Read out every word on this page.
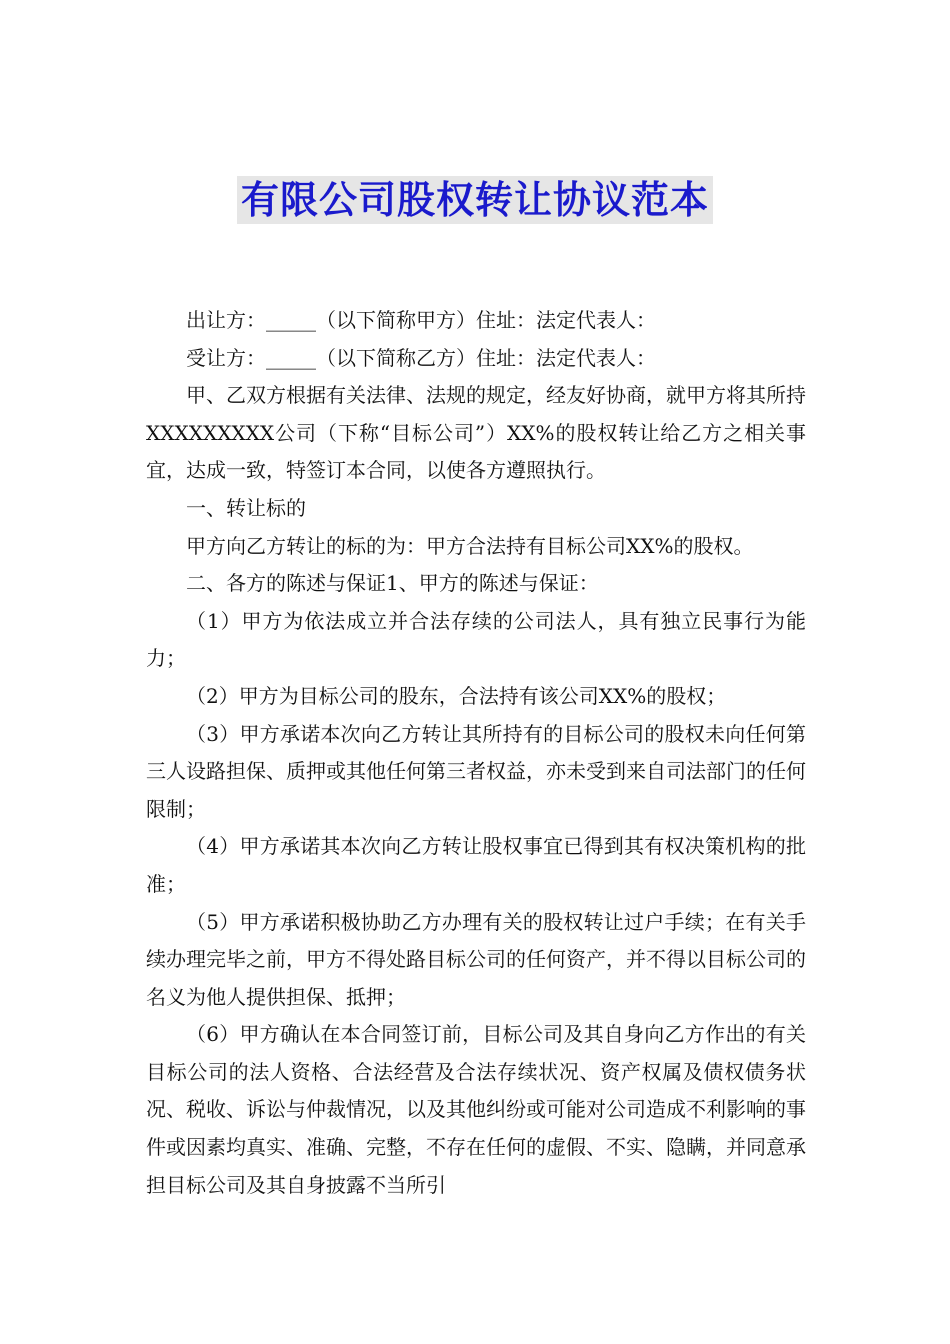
有限公司股权转让协议范本

出让方：_____（以下简称甲方）住址：法定代表人：

受让方：_____（以下简称乙方）住址：法定代表人：

甲、乙双方根据有关法律、法规的规定，经友好协商，就甲方将其所持XXXXXXXXX公司（下称“目标公司”）XX%的股权转让给乙方之相关事宜，达成一致，特签订本合同，以使各方遵照执行。

一、转让标的

甲方向乙方转让的标的为：甲方合法持有目标公司XX%的股权。

二、各方的陈述与保证1、甲方的陈述与保证：

（1）甲方为依法成立并合法存续的公司法人，具有独立民事行为能力；

（2）甲方为目标公司的股东，合法持有该公司XX%的股权；

（3）甲方承诺本次向乙方转让其所持有的目标公司的股权未向任何第三人设路担保、质押或其他任何第三者权益，亦未受到来自司法部门的任何限制；

（4）甲方承诺其本次向乙方转让股权事宜已得到其有权决策机构的批准；

（5）甲方承诺积极协助乙方办理有关的股权转让过户手续；在有关手续办理完毕之前，甲方不得处路目标公司的任何资产，并不得以目标公司的名义为他人提供担保、抵押；

（6）甲方确认在本合同签订前，目标公司及其自身向乙方作出的有关目标公司的法人资格、合法经营及合法存续状况、资产权属及债权债务状况、税收、诉讼与仲裁情况，以及其他纠纷或可能对公司造成不利影响的事件或因素均真实、准确、完整，不存在任何的虚假、不实、隐瞒，并同意承担目标公司及其自身披露不当所引
